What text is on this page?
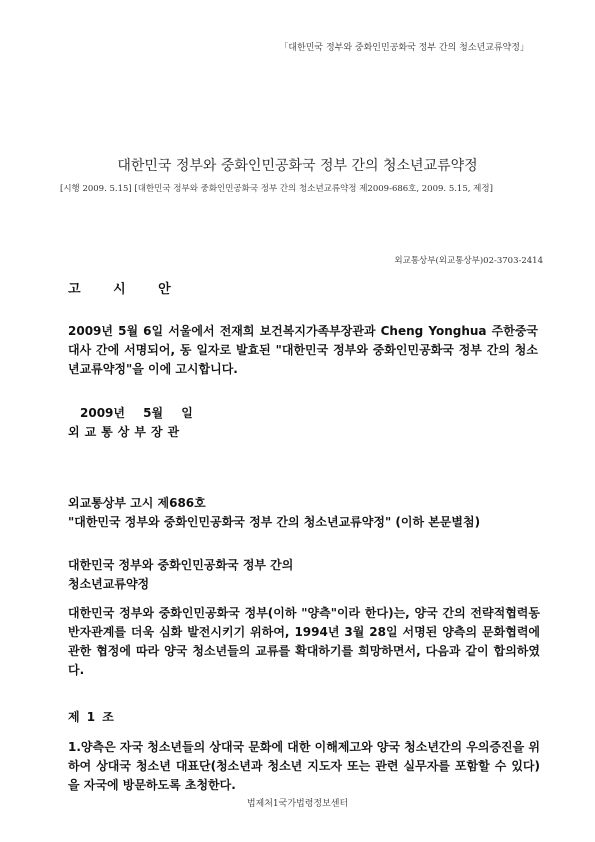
「대한민국 정부와 중화인민공화국 정부 간의 청소년교류약정」
대한민국 정부와 중화인민공화국 정부 간의 청소년교류약정
[시행 2009. 5.15] [대한민국 정부와 중화인민공화국 정부 간의 청소년교류약정 제2009-686호, 2009. 5.15, 제정]
외교통상부(외교통상부)02-3703-2414
고 시 안
2009년 5월 6일 서울에서 전재희 보건복지가족부장관과 Cheng Yonghua 주한중국대사 간에 서명되어, 동 일자로 발효된 "대한민국 정부와 중화인민공화국 정부 간의 청소년교류약정"을 이에 고시합니다.
2009년 5월 일
외교통상부장관
외교통상부 고시 제686호
"대한민국 정부와 중화인민공화국 정부 간의 청소년교류약정" (이하 본문별첨)

대한민국 정부와 중화인민공화국 정부 간의

청소년교류약정

대한민국 정부와 중화인민공화국 정부(이하 "양측"이라 한다)는, 양국 간의 전략적협력동반자관계를 더욱 심화 발전시키기 위하여, 1994년 3월 28일 서명된 양측의 문화협력에 관한 협정에 따라 양국 청소년들의 교류를 확대하기를 희망하면서, 다음과 같이 합의하였다.
제 1 조
1.양측은 자국 청소년들의 상대국 문화에 대한 이해제고와 양국 청소년간의 우의증진을 위하여 상대국 청소년 대표단(청소년과 청소년 지도자 또는 관련 실무자를 포함할 수 있다)을 자국에 방문하도록 초청한다.
법제처1국가법령정보센터
